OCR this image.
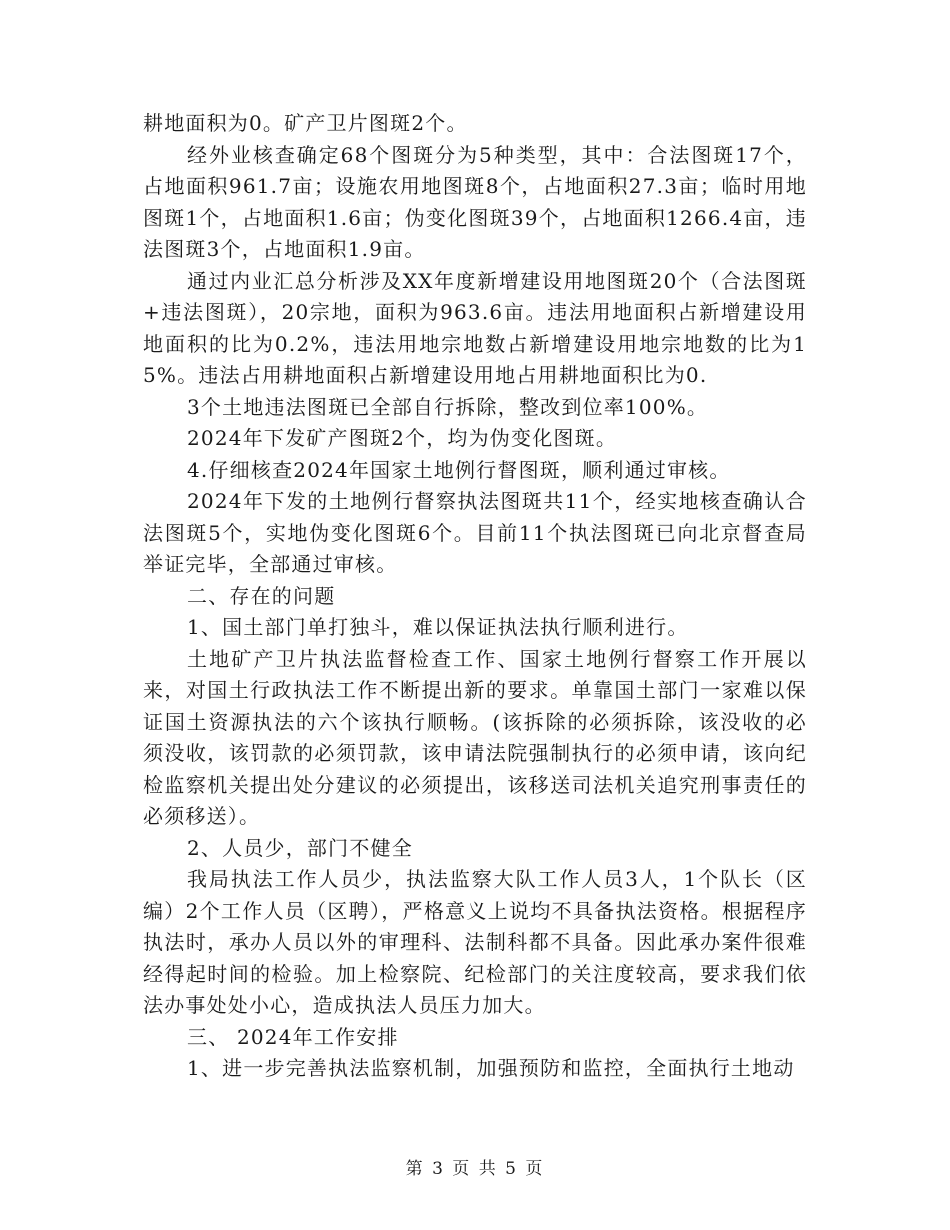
耕地面积为0。矿产卫片图斑2个。

经外业核查确定68个图斑分为5种类型，其中：合法图斑17个，占地面积961.7亩；设施农用地图斑8个，占地面积27.3亩；临时用地图斑1个，占地面积1.6亩；伪变化图斑39个，占地面积1266.4亩，违法图斑3个，占地面积1.9亩。

通过内业汇总分析涉及XX年度新增建设用地图斑20个（合法图斑+违法图斑），20宗地，面积为963.6亩。违法用地面积占新增建设用地面积的比为0.2%，违法用地宗地数占新增建设用地宗地数的比为15%。违法占用耕地面积占新增建设用地占用耕地面积比为0.

3个土地违法图斑已全部自行拆除，整改到位率100%。

2024年下发矿产图斑2个，均为伪变化图斑。

4.仔细核查2024年国家土地例行督图斑，顺利通过审核。

2024年下发的土地例行督察执法图斑共11个，经实地核查确认合法图斑5个，实地伪变化图斑6个。目前11个执法图斑已向北京督查局举证完毕，全部通过审核。

二、存在的问题

1、国土部门单打独斗，难以保证执法执行顺利进行。

土地矿产卫片执法监督检查工作、国家土地例行督察工作开展以来，对国土行政执法工作不断提出新的要求。单靠国土部门一家难以保证国土资源执法的六个该执行顺畅。(该拆除的必须拆除，该没收的必须没收，该罚款的必须罚款，该申请法院强制执行的必须申请，该向纪检监察机关提出处分建议的必须提出，该移送司法机关追究刑事责任的必须移送）。

2、人员少，部门不健全

我局执法工作人员少，执法监察大队工作人员3人，1个队长（区编）2个工作人员（区聘），严格意义上说均不具备执法资格。根据程序执法时，承办人员以外的审理科、法制科都不具备。因此承办案件很难经得起时间的检验。加上检察院、纪检部门的关注度较高，要求我们依法办事处处小心，造成执法人员压力加大。

三、 2024年工作安排

1、进一步完善执法监察机制，加强预防和监控，全面执行土地动

第 3 页 共 5 页
